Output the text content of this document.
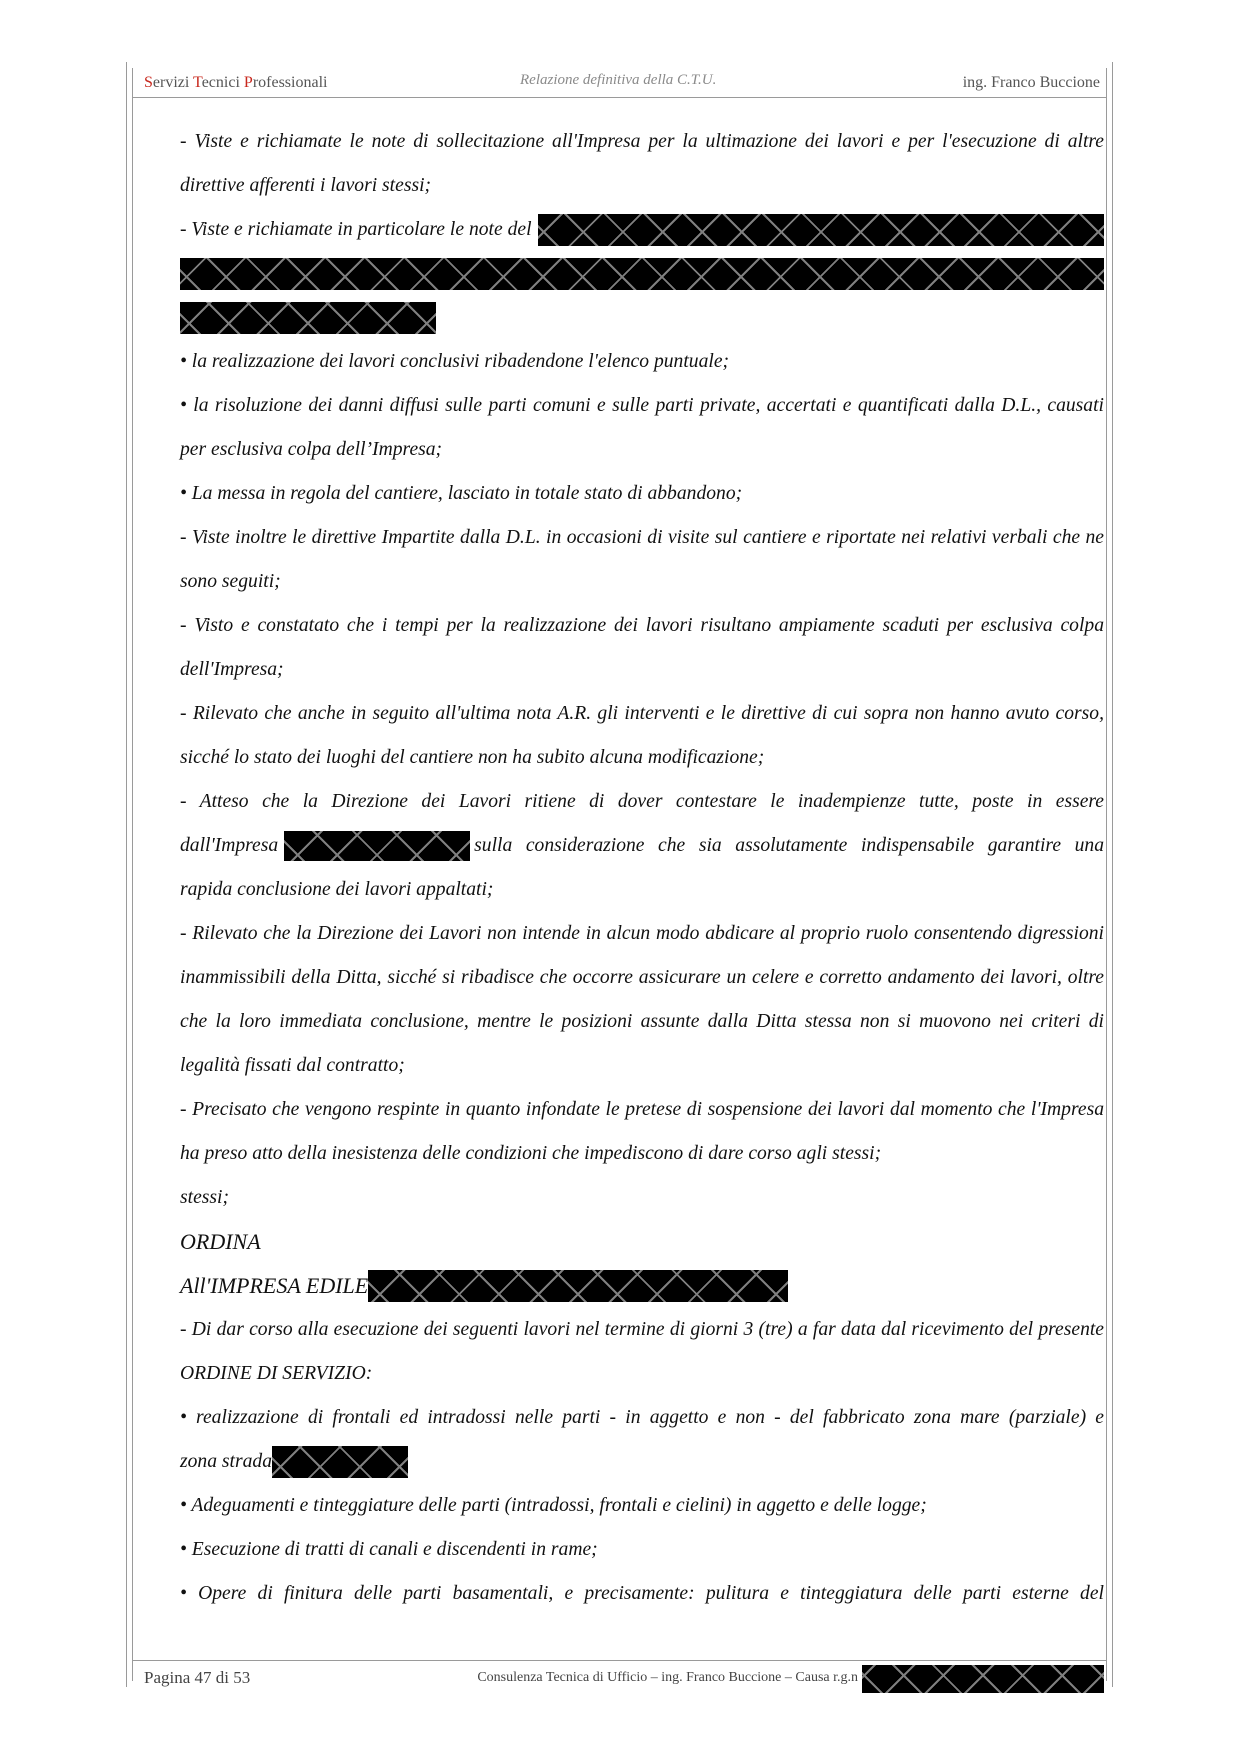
Servizi Tecnici Professionali	Relazione definitiva della C.T.U.	ing. Franco Buccione

- Viste e richiamate le note di sollecitazione all'Impresa per la ultimazione dei lavori e per l'esecuzione di altre direttive afferenti i lavori stessi;

- Viste e richiamate in particolare le note del

• la realizzazione dei lavori conclusivi ribadendone l'elenco puntuale;

• la risoluzione dei danni diffusi sulle parti comuni e sulle parti private, accertati e quantificati dalla D.L., causati per esclusiva colpa dell’Impresa;

• La messa in regola del cantiere, lasciato in totale stato di abbandono;

- Viste inoltre le direttive Impartite dalla D.L. in occasioni di visite sul cantiere e riportate nei relativi verbali che ne sono seguiti;

- Visto e constatato che i tempi per la realizzazione dei lavori risultano ampiamente scaduti per esclusiva colpa dell'Impresa;

- Rilevato che anche in seguito all'ultima nota A.R. gli interventi e le direttive di cui sopra non hanno avuto corso, sicché lo stato dei luoghi del cantiere non ha subito alcuna modificazione;

- Atteso che la Direzione dei Lavori ritiene di dover contestare le inadempienze tutte, poste in essere

dall'Impresa	sulla considerazione che sia assolutamente indispensabile garantire una

rapida conclusione dei lavori appaltati;

- Rilevato che la Direzione dei Lavori non intende in alcun modo abdicare al proprio ruolo consentendo digressioni inammissibili della Ditta, sicché si ribadisce che occorre assicurare un celere e corretto andamento dei lavori, oltre che la loro immediata conclusione, mentre le posizioni assunte dalla Ditta stessa non si muovono nei criteri di legalità fissati dal contratto;

- Precisato che vengono respinte in quanto infondate le pretese di sospensione dei lavori dal momento che l'Impresa ha preso atto della inesistenza delle condizioni che impediscono di dare corso agli stessi;

stessi;

ORDINA

All'IMPRESA EDILE

- Di dar corso alla esecuzione dei seguenti lavori nel termine di giorni 3 (tre) a far data dal ricevimento del presente ORDINE DI SERVIZIO:

• realizzazione di frontali ed intradossi nelle parti - in aggetto e non - del fabbricato zona mare (parziale) e

zona strada

• Adeguamenti e tinteggiature delle parti (intradossi, frontali e cielini) in aggetto e delle logge;

• Esecuzione di tratti di canali e discendenti in rame;

• Opere di finitura delle parti basamentali, e precisamente: pulitura e tinteggiatura delle parti esterne del

Pagina 47 di 53	Consulenza Tecnica di Ufficio – ing. Franco Buccione – Causa r.g.n
